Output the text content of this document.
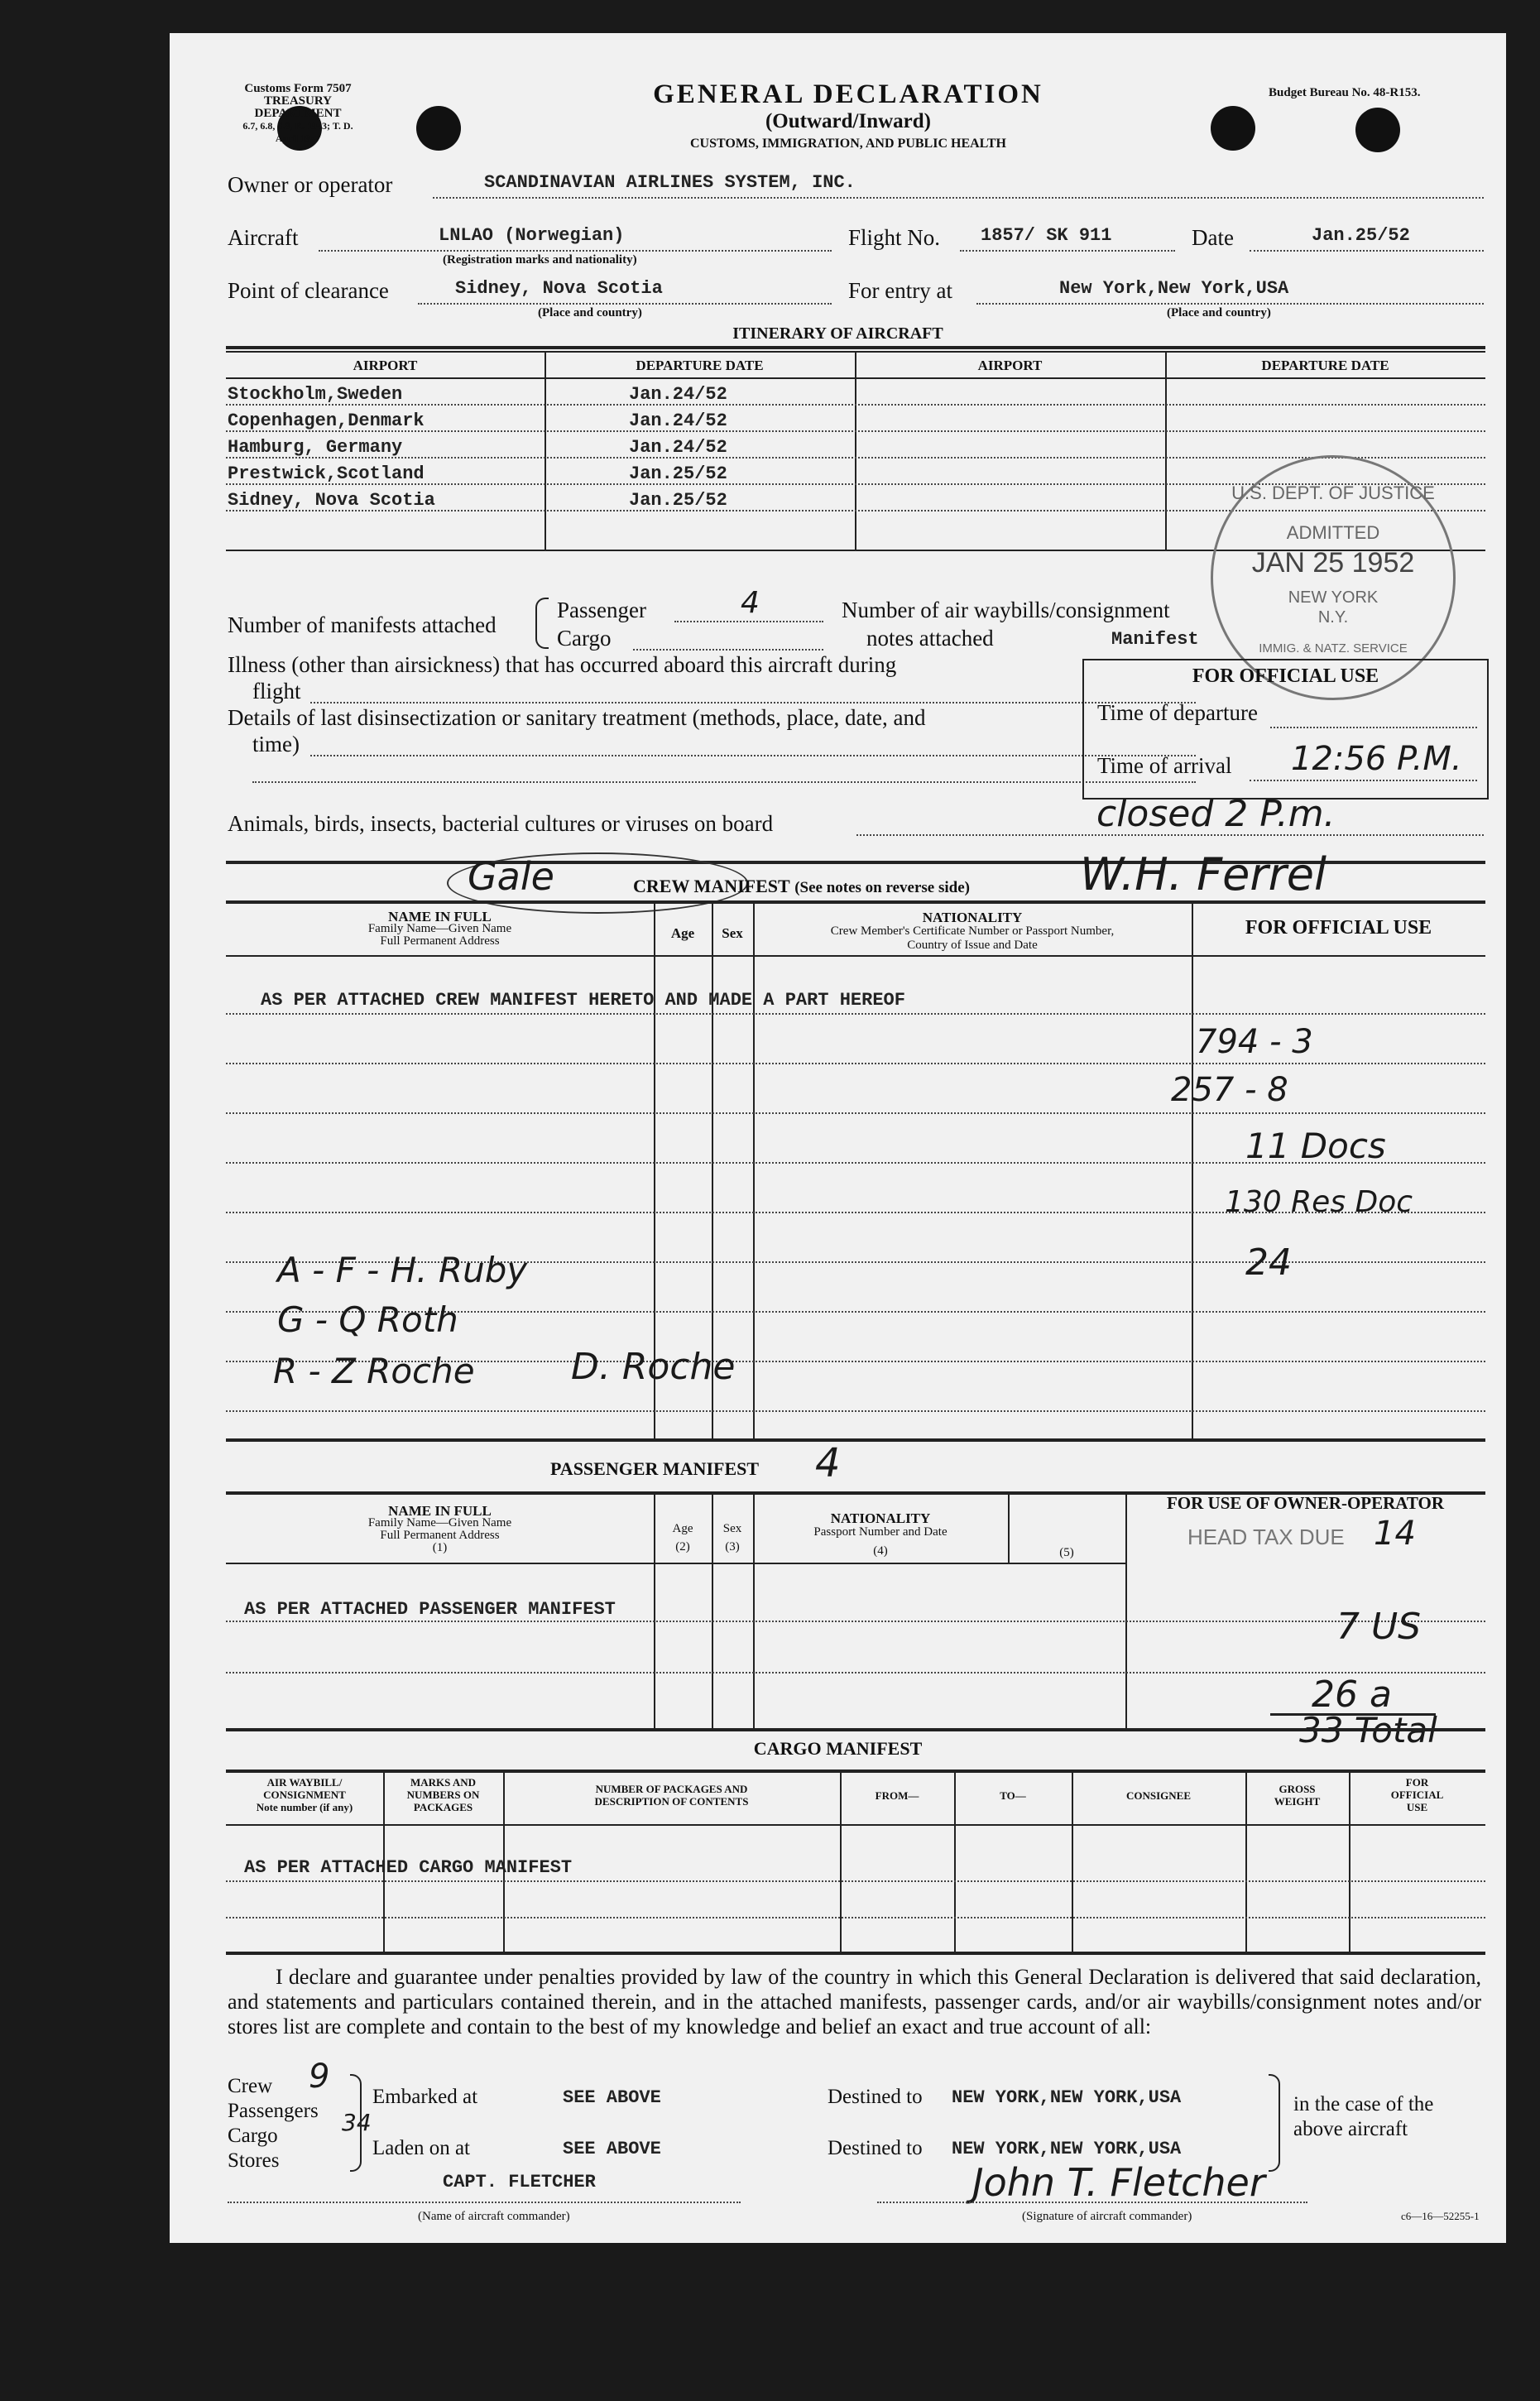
Customs Form 7507
TREASURY DEPARTMENT
6.7, 6.8, 6.9, R. 1943; T. D.
April 1947
GENERAL DECLARATION
(Outward/Inward)
CUSTOMS, IMMIGRATION, AND PUBLIC HEALTH
Budget Bureau No. 48-R153.
Owner or operator	SCANDINAVIAN AIRLINES SYSTEM, INC.
Aircraft	LNLAO (Norwegian)
(Registration marks and nationality)
Flight No. 1857/ SK 911	Date	Jan.25/52
Point of clearance	Sidney, Nova Scotia
(Place and country)
For entry at	New York,New York,USA
(Place and country)
ITINERARY OF AIRCRAFT
AIRPORT	DEPARTURE DATE	AIRPORT	DEPARTURE DATE
Stockholm,Sweden	Jan.24/52
Copenhagen,Denmark	Jan.24/52
Hamburg, Germany	Jan.24/52
Prestwick,Scotland	Jan.25/52
Sidney, Nova Scotia	Jan.25/52	U.S. DEPT. OF JUSTICE
ADMITTED
JAN 25 1952
NEW YORK
N.Y.
IMMIG. & NATZ. SERVICE
Number of manifests attached
Passenger	4
Cargo
Number of air waybills/consignment
notes attached	Manifest
Illness (other than airsickness) that has occurred aboard this aircraft during
flight
Details of last disinsectization or sanitary treatment (methods, place, date, and
time)
Animals, birds, insects, bacterial cultures or viruses on board
FOR OFFICIAL USE
Time of departure
Time of arrival 12:56 P.M.
closed 2 P.m.
Gale	CREW MANIFEST (See notes on reverse side) W.H. Ferrel
NAME IN FULL
Family Name—Given Name
Full Permanent Address	Age	Sex
NATIONALITY
Crew Member's Certificate Number or Passport Number,
Country of Issue and Date
FOR OFFICIAL USE
AS PER ATTACHED CREW MANIFEST HERETO AND MADE A PART HEREOF
794 - 3
257 - 8
11 Docs
130 Res Doc
24
A - F - H. Ruby
G - Q Roth
R - Z Roche	D. Roche
PASSENGER MANIFEST 4
NAME IN FULL
Family Name—Given Name
Full Permanent Address
(1)
Age
(2)
Sex
(3)
NATIONALITY
Passport Number and Date
(4)	(5)
FOR USE OF OWNER-OPERATOR
HEAD TAX DUE 14
AS PER ATTACHED PASSENGER MANIFEST	7 US
26 a
33 Total
CARGO MANIFEST
AIR WAYBILL/
CONSIGNMENT
Note number (if any)
MARKS AND
NUMBERS ON
PACKAGES
NUMBER OF PACKAGES AND
DESCRIPTION OF CONTENTS	FROM—	TO—	CONSIGNEE
GROSS
WEIGHT
FOR
OFFICIAL
USE
AS PER ATTACHED CARGO MANIFEST
I declare and guarantee under penalties provided by law of the country in which this General Declaration is delivered that said declaration, and statements and particulars contained therein, and in the attached manifests, passenger cards, and/or air waybills/consignment notes and/or stores list are complete and contain to the best of my knowledge and belief an exact and true account of all:
Crew
Passengers
Cargo
Stores
9
34
Embarked at	SEE ABOVE
Laden on at	SEE ABOVE
Destined to NEW YORK,NEW YORK,USA
Destined to NEW YORK,NEW YORK,USA
in the case of the
above aircraft
CAPT. FLETCHER
(Name of aircraft commander)
John T. Fletcher
(Signature of aircraft commander)	c6—16—52255-1
